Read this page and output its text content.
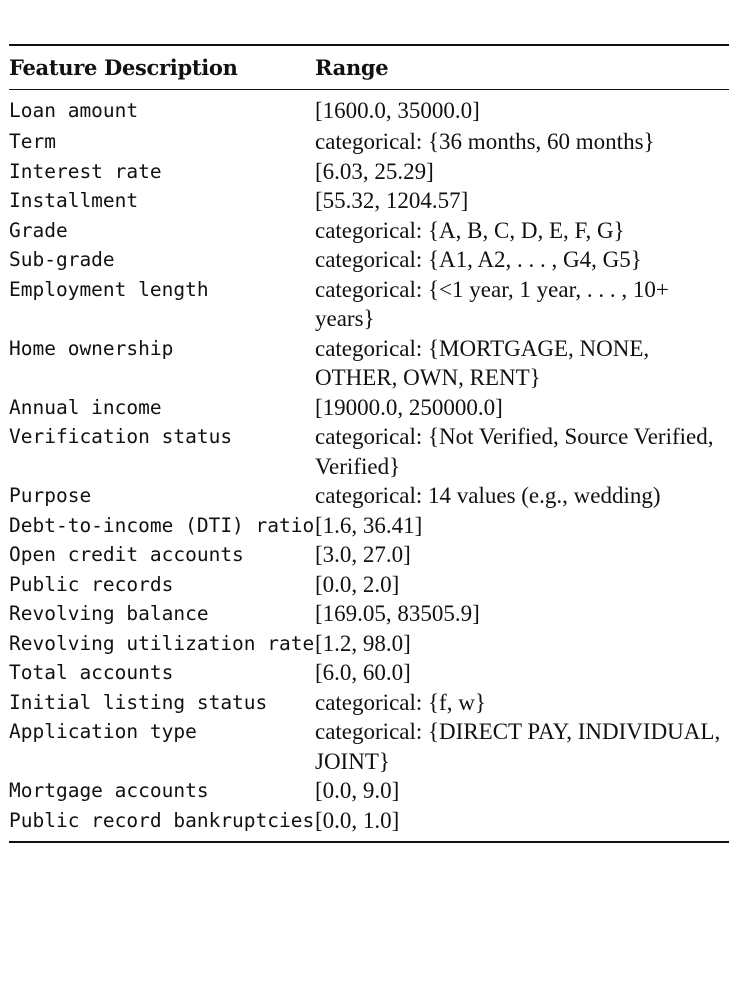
Feature Description	Range
Loan amount	[1600.0, 35000.0]
Term	categorical: {36 months, 60 months}
Interest rate	[6.03, 25.29]
Installment	[55.32, 1204.57]
Grade	categorical: {A, B, C, D, E, F, G}
Sub-grade	categorical: {A1, A2, . . . , G4, G5}
Employment length	categorical: {<1 year, 1 year, . . . , 10+ years}
Home ownership	categorical: {MORTGAGE, NONE, OTHER, OWN, RENT}
Annual income	[19000.0, 250000.0]
Verification status	categorical: {Not Verified, Source Verified, Verified}
Purpose	categorical: 14 values (e.g., wedding)
Debt-to-income (DTI) ratio [1.6, 36.41]
Open credit accounts	[3.0, 27.0]
Public records	[0.0, 2.0]
Revolving balance	[169.05, 83505.9]
Revolving utilization rate [1.2, 98.0]
Total accounts	[6.0, 60.0]
Initial listing status	categorical: {f, w}
Application type	categorical: {DIRECT PAY, INDIVIDUAL, JOINT}
Mortgage accounts	[0.0, 9.0]
Public record bankruptcies [0.0, 1.0]
